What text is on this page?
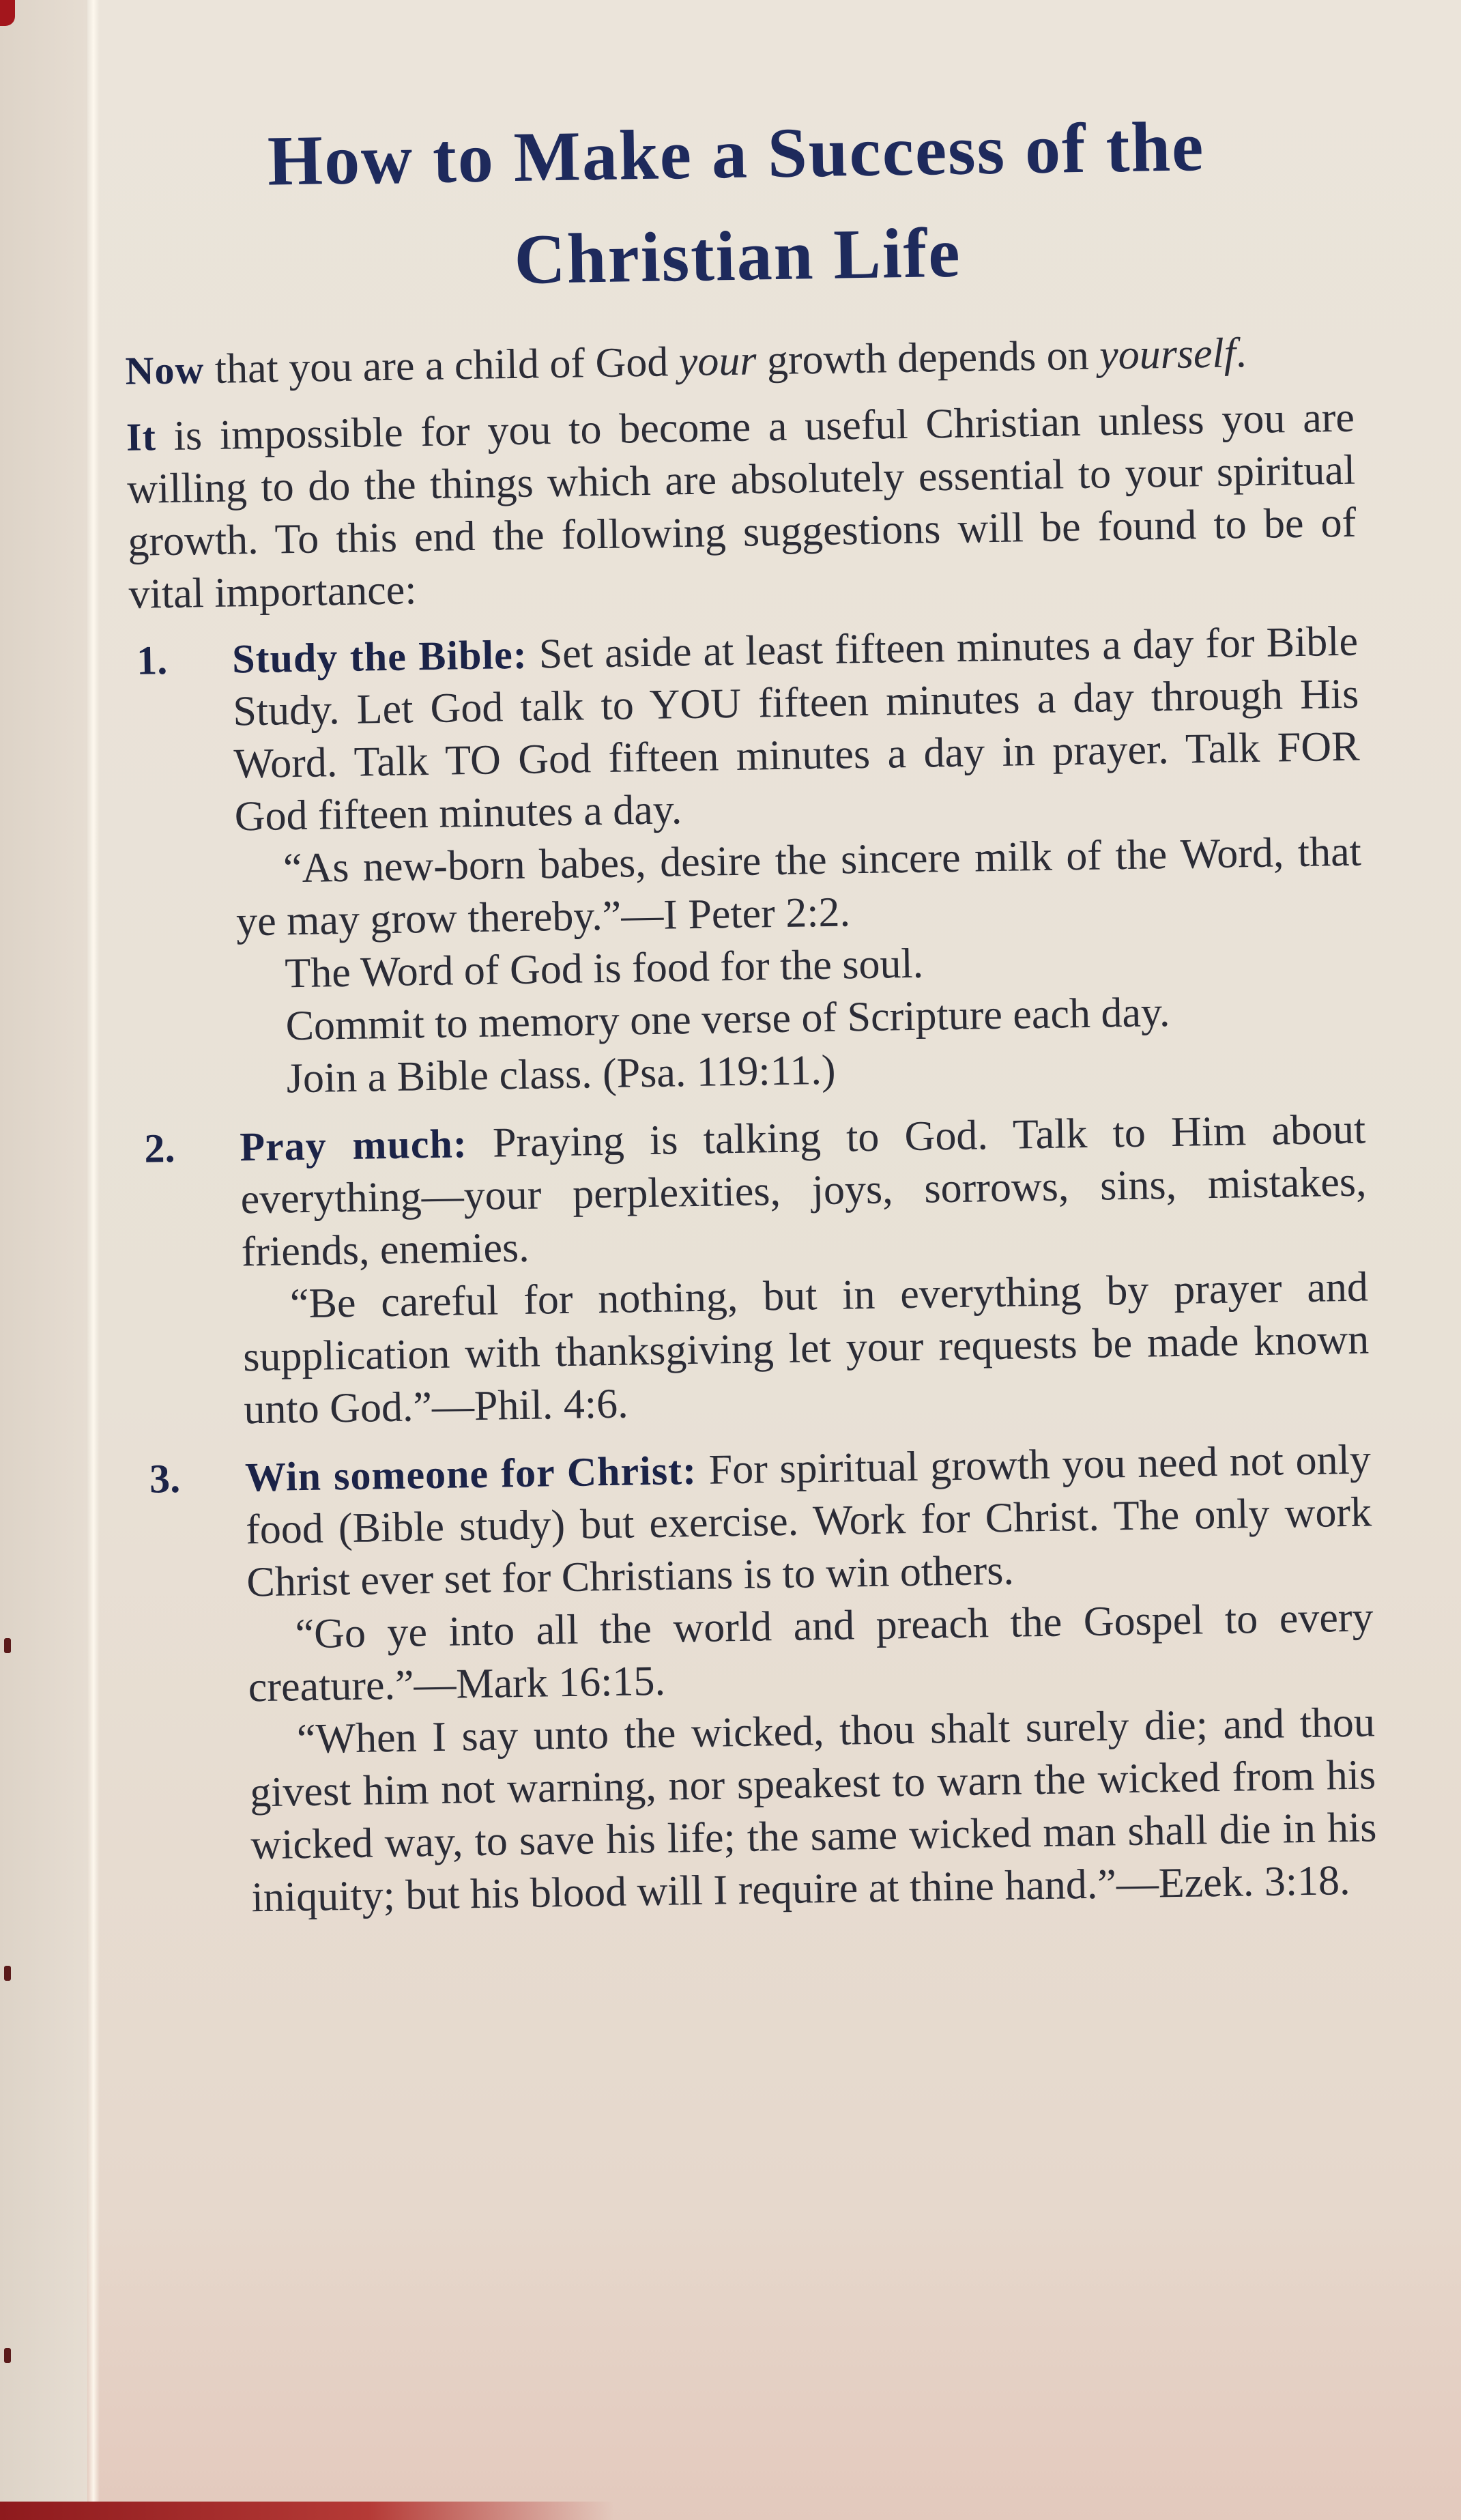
How to Make a Success of the
Christian Life

Now that you are a child of God your growth depends on yourself.

It is impossible for you to become a useful Christian unless you are willing to do the things which are absolutely essential to your spiritual growth. To this end the following suggestions will be found to be of vital importance:

1. Study the Bible: Set aside at least fifteen minutes a day for Bible Study. Let God talk to YOU fifteen minutes a day through His Word. Talk TO God fifteen minutes a day in prayer. Talk FOR God fifteen minutes a day.

“As new-born babes, desire the sincere milk of the Word, that ye may grow thereby.”—I Peter 2:2.

The Word of God is food for the soul.

Commit to memory one verse of Scripture each day.

Join a Bible class. (Psa. 119:11.)

2. Pray much: Praying is talking to God. Talk to Him about everything—your perplexities, joys, sorrows, sins, mistakes, friends, enemies.

“Be careful for nothing, but in everything by prayer and supplication with thanksgiving let your requests be made known unto God.”—Phil. 4:6.

3. Win someone for Christ: For spiritual growth you need not only food (Bible study) but exercise. Work for Christ. The only work Christ ever set for Christians is to win others.

“Go ye into all the world and preach the Gospel to every creature.”—Mark 16:15.

“When I say unto the wicked, thou shalt surely die; and thou givest him not warning, nor speakest to warn the wicked from his wicked way, to save his life; the same wicked man shall die in his iniquity; but his blood will I require at thine hand.”—Ezek. 3:18.
